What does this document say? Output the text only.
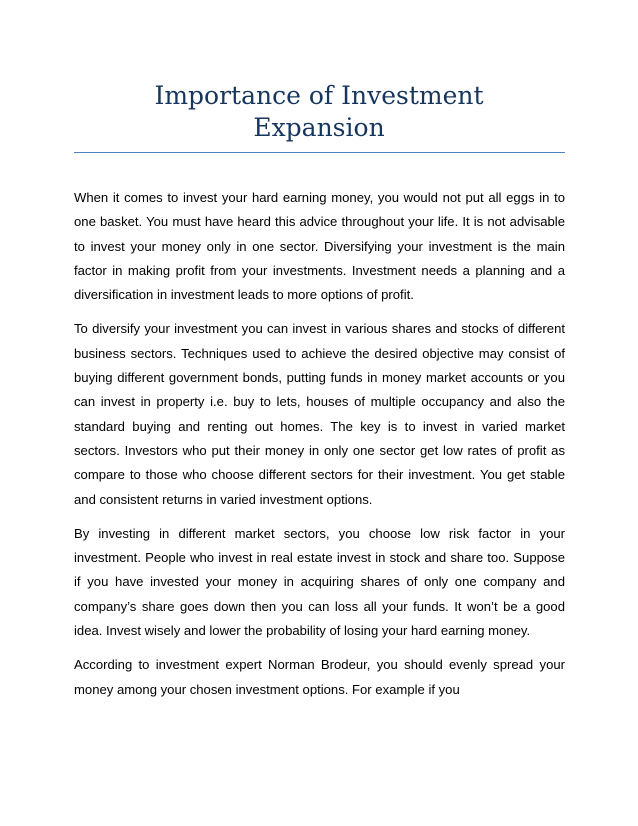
Importance of Investment
Expansion

When it comes to invest your hard earning money, you would not put all eggs in to one basket. You must have heard this advice throughout your life. It is not advisable to invest your money only in one sector. Diversifying your investment is the main factor in making profit from your investments. Investment needs a planning and a diversification in investment leads to more options of profit.

To diversify your investment you can invest in various shares and stocks of different business sectors. Techniques used to achieve the desired objective may consist of buying different government bonds, putting funds in money market accounts or you can invest in property i.e. buy to lets, houses of multiple occupancy and also the standard buying and renting out homes. The key is to invest in varied market sectors. Investors who put their money in only one sector get low rates of profit as compare to those who choose different sectors for their investment. You get stable and consistent returns in varied investment options.

By investing in different market sectors, you choose low risk factor in your investment. People who invest in real estate invest in stock and share too. Suppose if you have invested your money in acquiring shares of only one company and company’s share goes down then you can loss all your funds. It won’t be a good idea. Invest wisely and lower the probability of losing your hard earning money.

According to investment expert Norman Brodeur, you should evenly spread your money among your chosen investment options. For example if you
